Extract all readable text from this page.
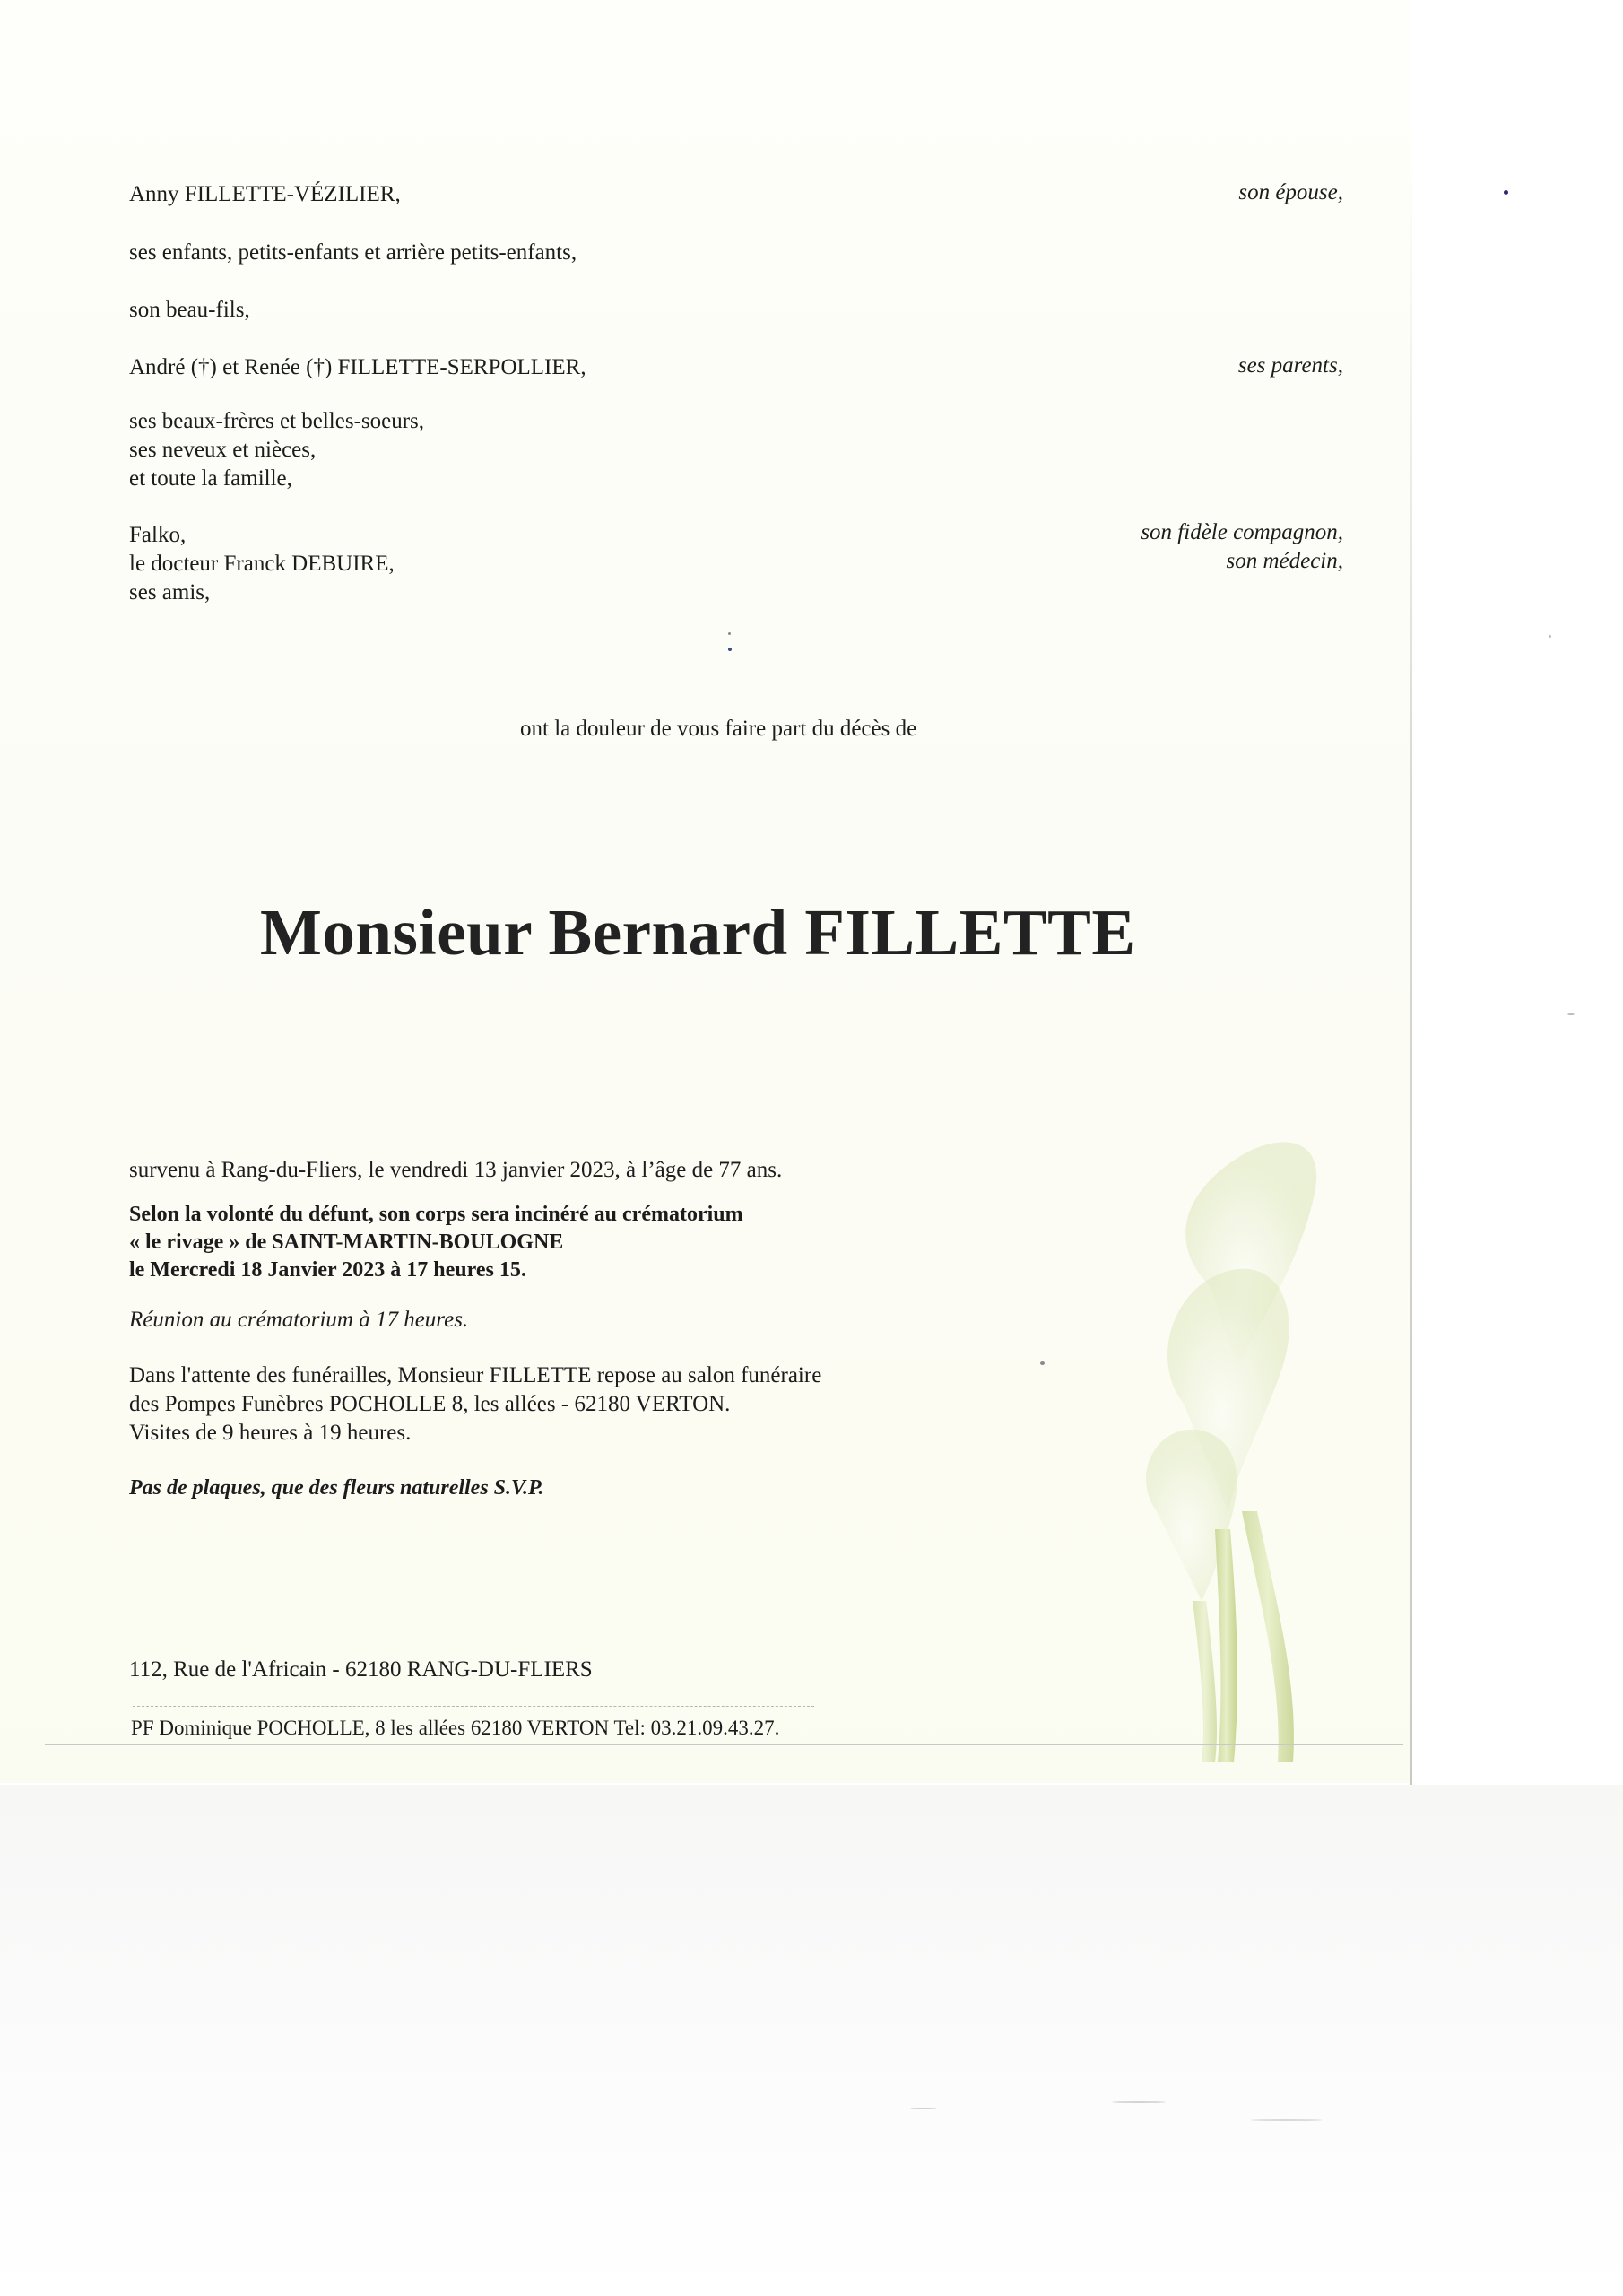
Anny FILLETTE-VÉZILIER,	son épouse,
ses enfants, petits-enfants et arrière petits-enfants,
son beau-fils,
André (†) et Renée (†) FILLETTE-SERPOLLIER,	ses parents,
ses beaux-frères et belles-soeurs,
ses neveux et nièces,
et toute la famille,
Falko,
le docteur Franck DEBUIRE,
ses amis,
son fidèle compagnon,
son médecin,
ont la douleur de vous faire part du décès de
Monsieur Bernard FILLETTE
survenu à Rang-du-Fliers, le vendredi 13 janvier 2023, à l’âge de 77 ans.
Selon la volonté du défunt, son corps sera incinéré au crématorium
« le rivage » de SAINT-MARTIN-BOULOGNE
le Mercredi 18 Janvier 2023 à 17 heures 15.
Réunion au crématorium à 17 heures.
Dans l'attente des funérailles, Monsieur FILLETTE repose au salon funéraire
des Pompes Funèbres POCHOLLE 8, les allées - 62180 VERTON.
Visites de 9 heures à 19 heures.
Pas de plaques, que des fleurs naturelles S.V.P.
112, Rue de l'Africain - 62180 RANG-DU-FLIERS
PF Dominique POCHOLLE, 8 les allées 62180 VERTON Tel: 03.21.09.43.27.
